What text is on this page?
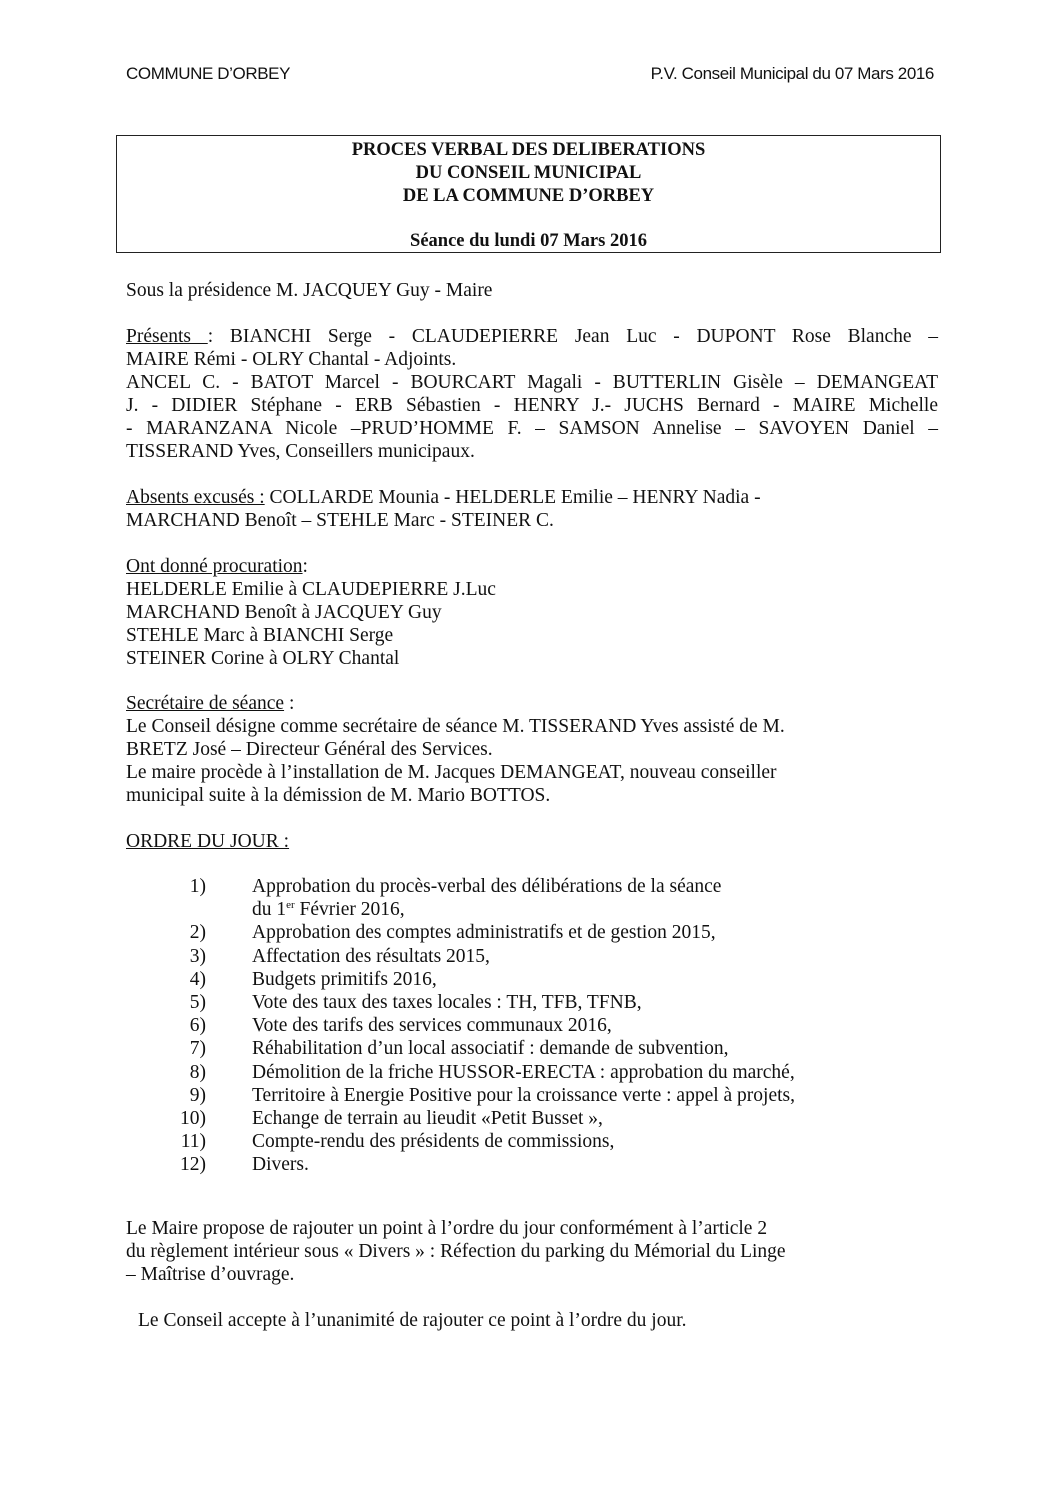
COMMUNE D’ORBEY	P.V. Conseil Municipal du 07 Mars 2016
PROCES VERBAL DES DELIBERATIONS
DU CONSEIL MUNICIPAL
DE LA COMMUNE D’ORBEY
Séance du lundi 07 Mars 2016
Sous la présidence M. JACQUEY Guy - Maire
Présents : BIANCHI Serge - CLAUDEPIERRE Jean Luc - DUPONT Rose Blanche –
MAIRE Rémi - OLRY Chantal - Adjoints.
ANCEL C. - BATOT Marcel - BOURCART Magali - BUTTERLIN Gisèle – DEMANGEAT
J. - DIDIER Stéphane - ERB Sébastien - HENRY J.- JUCHS Bernard - MAIRE Michelle
- MARANZANA Nicole –PRUD’HOMME F. – SAMSON Annelise – SAVOYEN Daniel –
TISSERAND Yves, Conseillers municipaux.
Absents excusés : COLLARDE Mounia - HELDERLE Emilie – HENRY Nadia -
MARCHAND Benoît – STEHLE Marc - STEINER C.
Ont donné procuration:
HELDERLE Emilie à CLAUDEPIERRE J.Luc
MARCHAND Benoît à JACQUEY Guy
STEHLE Marc à BIANCHI Serge
STEINER Corine à OLRY Chantal
Secrétaire de séance :
Le Conseil désigne comme secrétaire de séance M. TISSERAND Yves assisté de M.
BRETZ José – Directeur Général des Services.
Le maire procède à l’installation de M. Jacques DEMANGEAT, nouveau conseiller
municipal suite à la démission de M. Mario BOTTOS.
ORDRE DU JOUR :
1) Approbation du procès-verbal des délibérations de la séance
du 1er Février 2016,
2) Approbation des comptes administratifs et de gestion 2015,
3) Affectation des résultats 2015,
4) Budgets primitifs 2016,
5) Vote des taux des taxes locales : TH, TFB, TFNB,
6) Vote des tarifs des services communaux 2016,
7) Réhabilitation d’un local associatif : demande de subvention,
8) Démolition de la friche HUSSOR-ERECTA : approbation du marché,
9) Territoire à Energie Positive pour la croissance verte : appel à projets,
10) Echange de terrain au lieudit «Petit Busset »,
11) Compte-rendu des présidents de commissions,
12) Divers.
Le Maire propose de rajouter un point à l’ordre du jour conformément à l’article 2
du règlement intérieur sous « Divers » : Réfection du parking du Mémorial du Linge
– Maîtrise d’ouvrage.
Le Conseil accepte à l’unanimité de rajouter ce point à l’ordre du jour.
